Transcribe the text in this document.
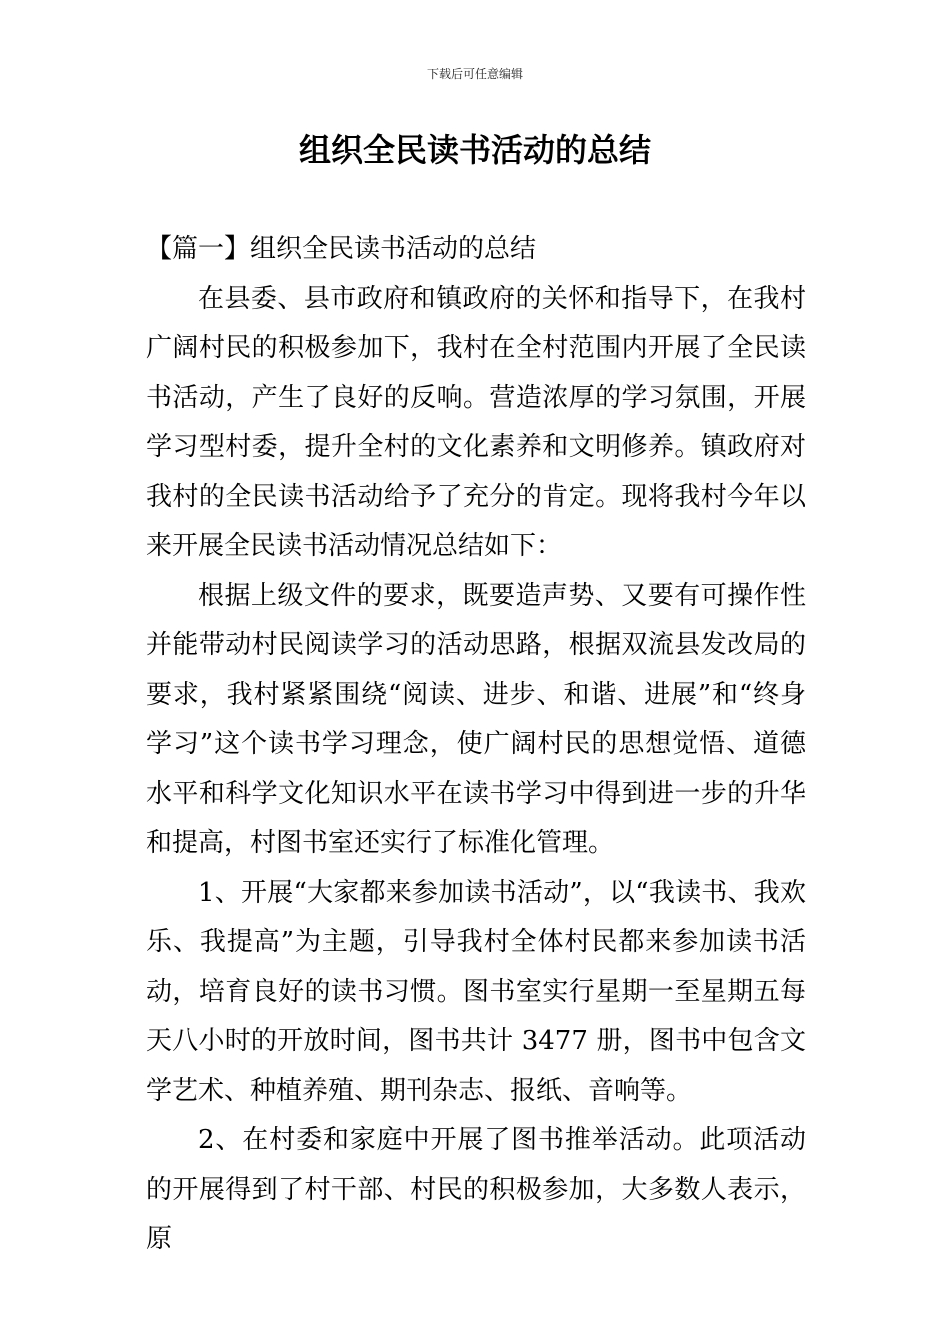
下载后可任意编辑
组织全民读书活动的总结
【篇一】组织全民读书活动的总结

在县委、县市政府和镇政府的关怀和指导下，在我村广阔村民的积极参加下，我村在全村范围内开展了全民读书活动，产生了良好的反响。营造浓厚的学习氛围，开展学习型村委，提升全村的文化素养和文明修养。镇政府对我村的全民读书活动给予了充分的肯定。现将我村今年以来开展全民读书活动情况总结如下：

根据上级文件的要求，既要造声势、又要有可操作性并能带动村民阅读学习的活动思路，根据双流县发改局的要求，我村紧紧围绕“阅读、进步、和谐、进展”和“终身学习”这个读书学习理念，使广阔村民的思想觉悟、道德水平和科学文化知识水平在读书学习中得到进一步的升华和提高，村图书室还实行了标准化管理。

1、开展“大家都来参加读书活动”，以“我读书、我欢乐、我提高”为主题，引导我村全体村民都来参加读书活动，培育良好的读书习惯。图书室实行星期一至星期五每天八小时的开放时间，图书共计 3477 册，图书中包含文学艺术、种植养殖、期刊杂志、报纸、音响等。

2、在村委和家庭中开展了图书推举活动。此项活动的开展得到了村干部、村民的积极参加，大多数人表示，原
